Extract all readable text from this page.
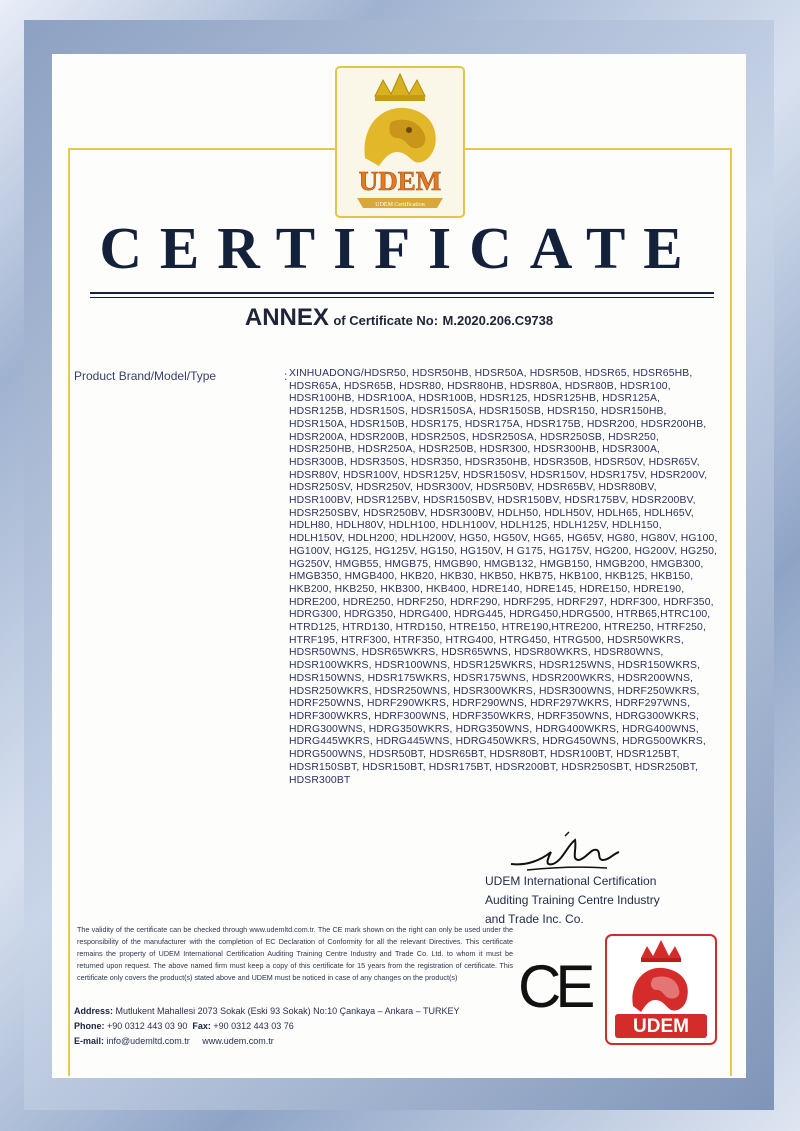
UDEM
UDEM Certification
CERTIFICATE
ANNEX of Certificate No: M.2020.206.C9738
Product Brand/Model/Type	: XINHUADONG/HDSR50, HDSR50HB, HDSR50A, HDSR50B, HDSR65, HDSR65HB, HDSR65A, HDSR65B, HDSR80, HDSR80HB, HDSR80A, HDSR80B, HDSR100, HDSR100HB, HDSR100A, HDSR100B, HDSR125, HDSR125HB, HDSR125A, HDSR125B, HDSR150S, HDSR150SA, HDSR150SB, HDSR150, HDSR150HB, HDSR150A, HDSR150B, HDSR175, HDSR175A, HDSR175B, HDSR200, HDSR200HB, HDSR200A, HDSR200B, HDSR250S, HDSR250SA, HDSR250SB, HDSR250, HDSR250HB, HDSR250A, HDSR250B, HDSR300, HDSR300HB, HDSR300A, HDSR300B, HDSR350S, HDSR350, HDSR350HB, HDSR350B, HDSR50V, HDSR65V, HDSR80V, HDSR100V, HDSR125V, HDSR150SV, HDSR150V, HDSR175V, HDSR200V, HDSR250SV, HDSR250V, HDSR300V, HDSR50BV, HDSR65BV, HDSR80BV, HDSR100BV, HDSR125BV, HDSR150SBV, HDSR150BV, HDSR175BV, HDSR200BV, HDSR250SBV, HDSR250BV, HDSR300BV, HDLH50, HDLH50V, HDLH65, HDLH65V, HDLH80, HDLH80V, HDLH100, HDLH100V, HDLH125, HDLH125V, HDLH150, HDLH150V, HDLH200, HDLH200V, HG50, HG50V, HG65, HG65V, HG80, HG80V, HG100, HG100V, HG125, HG125V, HG150, HG150V, H G175, HG175V, HG200, HG200V, HG250, HG250V, HMGB55, HMGB75, HMGB90, HMGB132, HMGB150, HMGB200, HMGB300, HMGB350, HMGB400, HKB20, HKB30, HKB50, HKB75, HKB100, HKB125, HKB150, HKB200, HKB250, HKB300, HKB400, HDRE140, HDRE145, HDRE150, HDRE190, HDRE200, HDRE250, HDRF250, HDRF290, HDRF295, HDRF297, HDRF300, HDRF350, HDRG300, HDRG350, HDRG400, HDRG445, HDRG450,HDRG500, HTRB65,HTRC100, HTRD125, HTRD130, HTRD150, HTRE150, HTRE190,HTRE200, HTRE250, HTRF250, HTRF195, HTRF300, HTRF350, HTRG400, HTRG450, HTRG500, HDSR50WKRS, HDSR50WNS, HDSR65WKRS, HDSR65WNS, HDSR80WKRS, HDSR80WNS, HDSR100WKRS, HDSR100WNS, HDSR125WKRS, HDSR125WNS, HDSR150WKRS, HDSR150WNS, HDSR175WKRS, HDSR175WNS, HDSR200WKRS, HDSR200WNS, HDSR250WKRS, HDSR250WNS, HDSR300WKRS, HDSR300WNS, HDRF250WKRS, HDRF250WNS, HDRF290WKRS, HDRF290WNS, HDRF297WKRS, HDRF297WNS, HDRF300WKRS, HDRF300WNS, HDRF350WKRS, HDRF350WNS, HDRG300WKRS, HDRG300WNS, HDRG350WKRS, HDRG350WNS, HDRG400WKRS, HDRG400WNS, HDRG445WKRS, HDRG445WNS, HDRG450WKRS, HDRG450WNS, HDRG500WKRS, HDRG500WNS, HDSR50BT, HDSR65BT, HDSR80BT, HDSR100BT, HDSR125BT, HDSR150SBT, HDSR150BT, HDSR175BT, HDSR200BT, HDSR250SBT, HDSR250BT, HDSR300BT
UDEM International Certification
Auditing Training Centre Industry
and Trade Inc. Co.
The validity of the certificate can be checked through www.udemltd.com.tr. The CE mark shown on the right can only be used under the responsibility of the manufacturer with the completion of EC Declaration of Conformity for all the relevant Directives. This certificate remains the property of UDEM International Certification Auditing Training Centre Industry and Trade Co. Ltd. to whom it must be returned upon request. The above named firm must keep a copy of this certificate for 15 years from the registration of certificate. This certificate only covers the product(s) stated above and UDEM must be noticed in case of any changes on the product(s)
Address: Mutlukent Mahallesi 2073 Sokak (Eski 93 Sokak) No:10 Çankaya – Ankara – TURKEY
Phone: +90 0312 443 03 90 Fax: +90 0312 443 03 76
E-mail: info@udemltd.com.tr www.udem.com.tr
CE
UDEM
